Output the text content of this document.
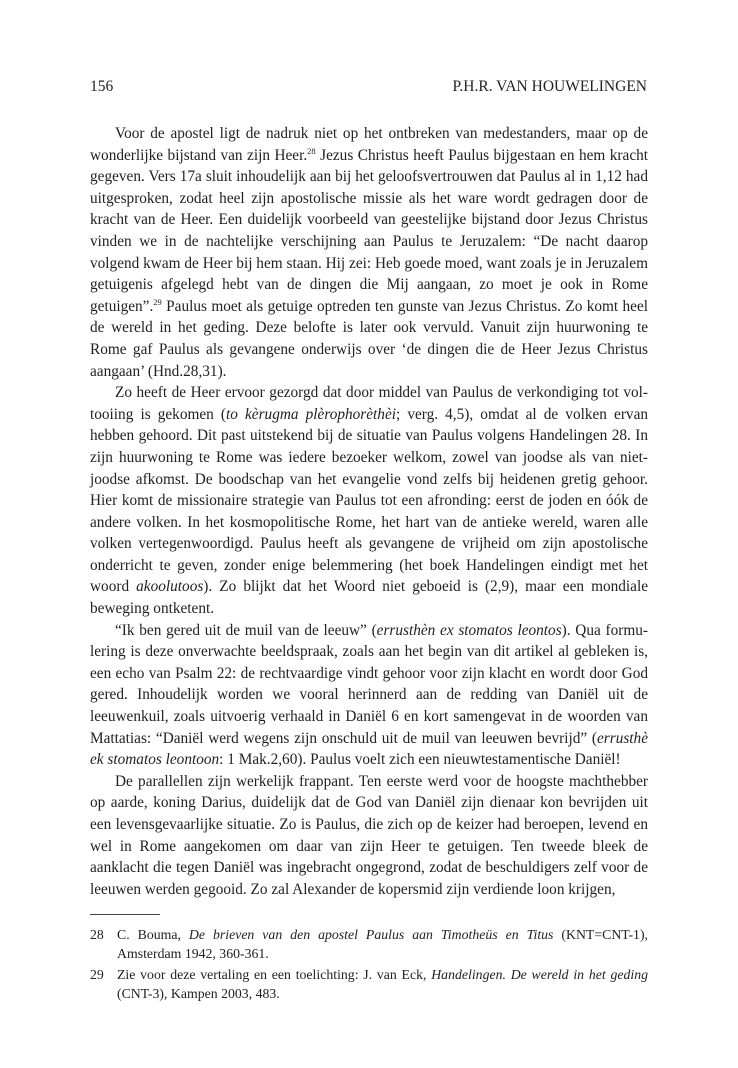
156	P.H.R. VAN HOUWELINGEN

Voor de apostel ligt de nadruk niet op het ontbreken van medestanders, maar op de wonderlijke bijstand van zijn Heer.$^{28}$ Jezus Christus heeft Paulus bijgestaan en hem kracht gegeven. Vers 17a sluit inhoudelijk aan bij het geloofsvertrouwen dat Paulus al in 1,12 had uitgesproken, zodat heel zijn apostolische missie als het ware wordt gedragen door de kracht van de Heer. Een duidelijk voorbeeld van geestelijke bijstand door Jezus Christus vinden we in de nachtelijke verschijning aan Paulus te Jeruzalem: “De nacht daarop volgend kwam de Heer bij hem staan. Hij zei: Heb goede moed, want zoals je in Jeruzalem getuigenis afgelegd hebt van de dingen die Mij aangaan, zo moet je ook in Rome getuigen”.$^{29}$ Paulus moet als getuige optreden ten gunste van Jezus Christus. Zo komt heel de wereld in het geding. Deze belofte is later ook vervuld. Vanuit zijn huurwoning te Rome gaf Paulus als gevangene onderwijs over ‘de dingen die de Heer Jezus Christus aangaan’ (Hnd.28,31).

Zo heeft de Heer ervoor gezorgd dat door middel van Paulus de verkondiging tot voltooiing is gekomen (to kèrugma plèrophorèthèi; verg. 4,5), omdat al de volken ervan hebben gehoord. Dit past uitstekend bij de situatie van Paulus volgens Handelingen 28. In zijn huurwoning te Rome was iedere bezoeker welkom, zowel van joodse als van niet-joodse afkomst. De boodschap van het evangelie vond zelfs bij heidenen gretig gehoor. Hier komt de missionaire strategie van Paulus tot een afronding: eerst de joden en óók de andere volken. In het kosmopolitische Rome, het hart van de antieke wereld, waren alle volken vertegenwoordigd. Paulus heeft als gevangene de vrijheid om zijn apostolische onderricht te geven, zonder enige belemmering (het boek Handelingen eindigt met het woord akoolutoos). Zo blijkt dat het Woord niet geboeid is (2,9), maar een mondiale beweging ontketent.

“Ik ben gered uit de muil van de leeuw” (errusthèn ex stomatos leontos). Qua formulering is deze onverwachte beeldspraak, zoals aan het begin van dit artikel al gebleken is, een echo van Psalm 22: de rechtvaardige vindt gehoor voor zijn klacht en wordt door God gered. Inhoudelijk worden we vooral herinnerd aan de redding van Daniël uit de leeuwenkuil, zoals uitvoerig verhaald in Daniël 6 en kort samengevat in de woorden van Mattatias: “Daniël werd wegens zijn onschuld uit de muil van leeuwen bevrijd” (errusthè ek stomatos leontoon: 1 Mak.2,60). Paulus voelt zich een nieuwtestamentische Daniël!

De parallellen zijn werkelijk frappant. Ten eerste werd voor de hoogste machthebber op aarde, koning Darius, duidelijk dat de God van Daniël zijn dienaar kon bevrijden uit een levensgevaarlijke situatie. Zo is Paulus, die zich op de keizer had beroepen, levend en wel in Rome aangekomen om daar van zijn Heer te getuigen. Ten tweede bleek de aanklacht die tegen Daniël was ingebracht ongegrond, zodat de beschuldigers zelf voor de leeuwen werden gegooid. Zo zal Alexander de kopersmid zijn verdiende loon krijgen,

28 C. Bouma, De brieven van den apostel Paulus aan Timotheüs en Titus (KNT=CNT-1), Amsterdam 1942, 360-361.
29 Zie voor deze vertaling en een toelichting: J. van Eck, Handelingen. De wereld in het geding (CNT-3), Kampen 2003, 483.
